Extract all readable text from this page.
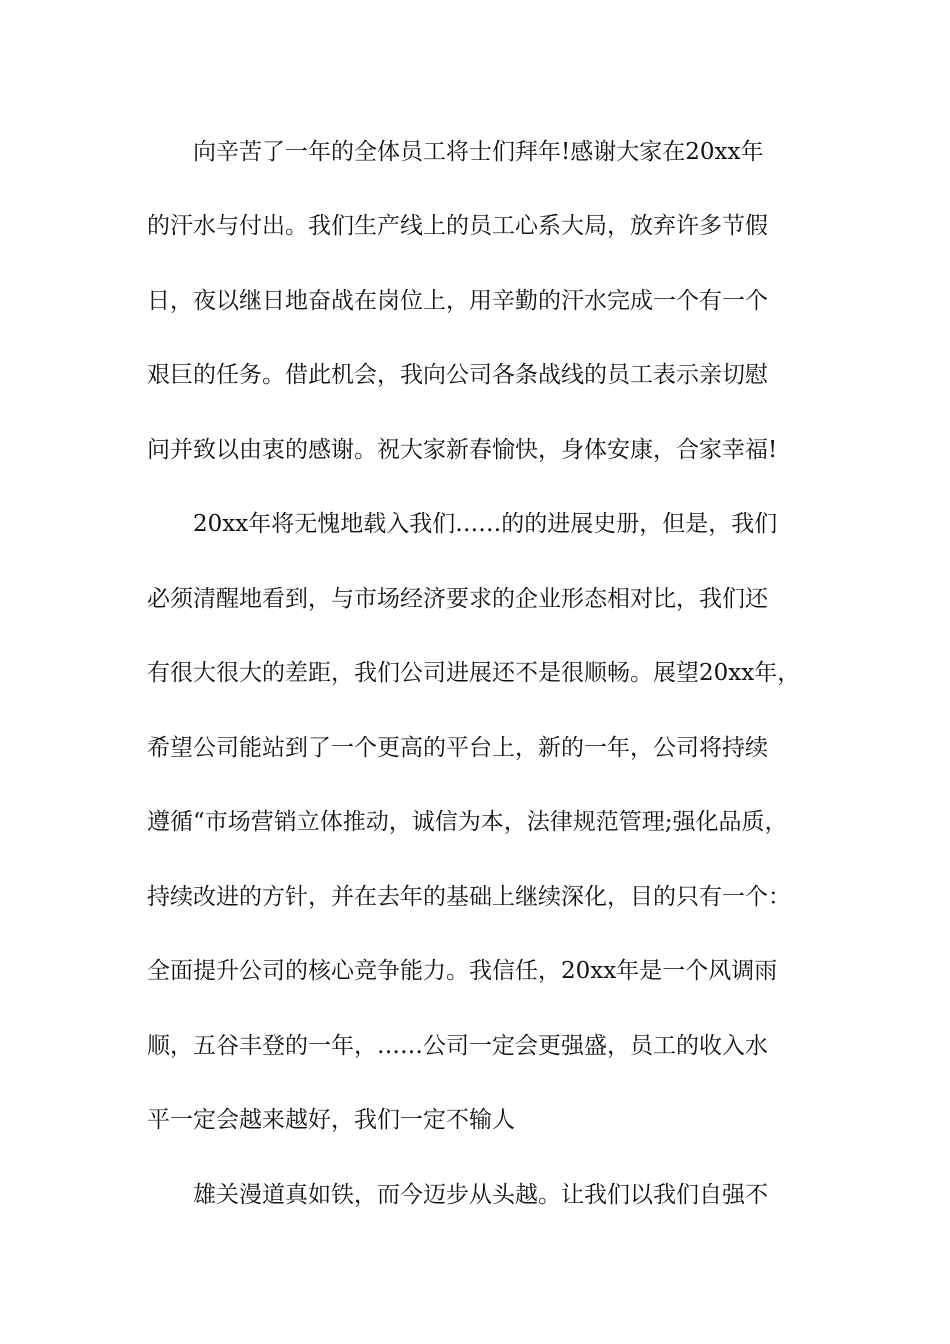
向辛苦了一年的全体员工将士们拜年!感谢大家在20xx年
的汗水与付出。我们生产线上的员工心系大局，放弃许多节假
日，夜以继日地奋战在岗位上，用辛勤的汗水完成一个有一个
艰巨的任务。借此机会，我向公司各条战线的员工表示亲切慰
问并致以由衷的感谢。祝大家新春愉快，身体安康，合家幸福!
20xx年将无愧地载入我们……的的进展史册，但是，我们
必须清醒地看到，与市场经济要求的企业形态相对比，我们还
有很大很大的差距，我们公司进展还不是很顺畅。展望20xx年，
希望公司能站到了一个更高的平台上，新的一年，公司将持续
遵循“市场营销立体推动，诚信为本，法律规范管理;强化品质，
持续改进的方针，并在去年的基础上继续深化，目的只有一个：
全面提升公司的核心竞争能力。我信任，20xx年是一个风调雨
顺，五谷丰登的一年，……公司一定会更强盛，员工的收入水
平一定会越来越好，我们一定不输人
雄关漫道真如铁，而今迈步从头越。让我们以我们自强不
